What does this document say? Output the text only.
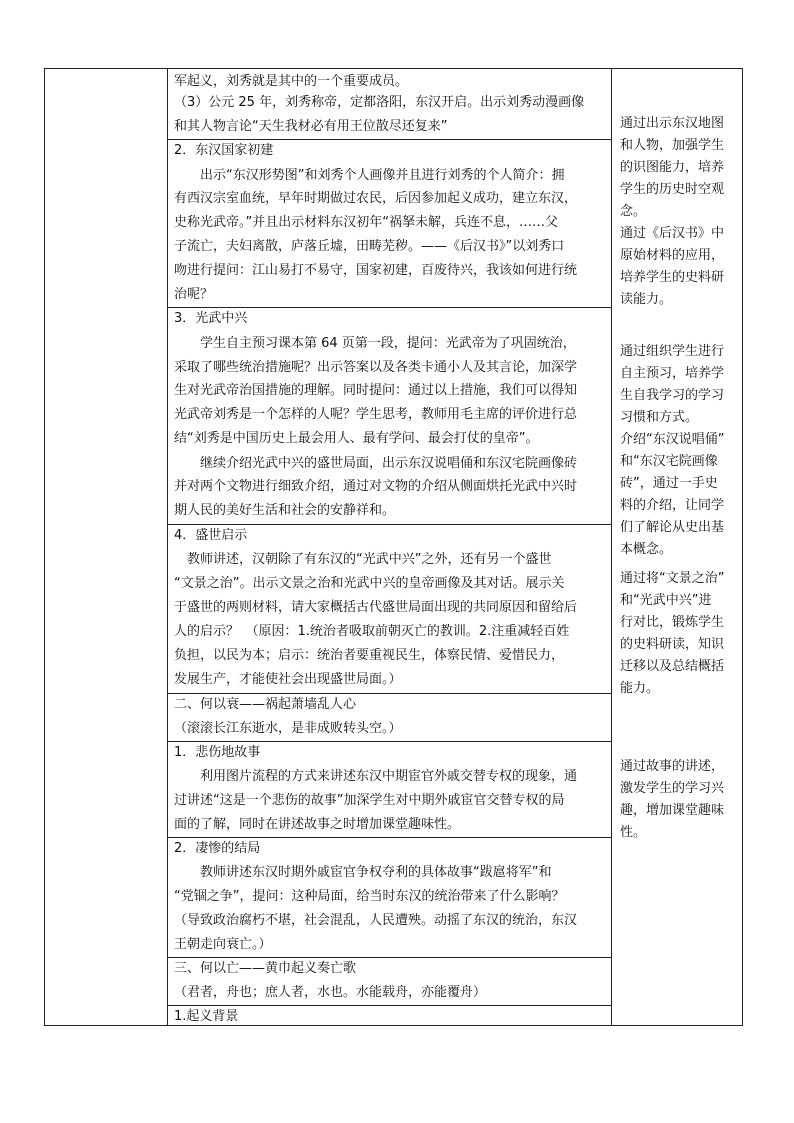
军起义，刘秀就是其中的一个重要成员。
（3）公元 25 年，刘秀称帝，定都洛阳，东汉开启。出示刘秀动漫画像
和其人物言论“天生我材必有用王位散尽还复来”
2．东汉国家初建
　　出示“东汉形势图”和刘秀个人画像并且进行刘秀的个人简介：拥
有西汉宗室血统，早年时期做过农民，后因参加起义成功，建立东汉，
史称光武帝。”并且出示材料东汉初年“祸拏未解，兵连不息，……父
子流亡，夫妇离散，庐落丘墟，田畴芜秽。——《后汉书》”以刘秀口
吻进行提问：江山易打不易守，国家初建，百废待兴，我该如何进行统
治呢？
3．光武中兴
　　学生自主预习课本第 64 页第一段，提问：光武帝为了巩固统治，
采取了哪些统治措施呢？出示答案以及各类卡通小人及其言论，加深学
生对光武帝治国措施的理解。同时提问：通过以上措施，我们可以得知
光武帝刘秀是一个怎样的人呢？学生思考，教师用毛主席的评价进行总
结“刘秀是中国历史上最会用人、最有学问、最会打仗的皇帝”。
　　继续介绍光武中兴的盛世局面，出示东汉说唱俑和东汉宅院画像砖
并对两个文物进行细致介绍，通过对文物的介绍从侧面烘托光武中兴时
期人民的美好生活和社会的安静祥和。
4．盛世启示
　教师讲述，汉朝除了有东汉的“光武中兴”之外，还有另一个盛世
“文景之治”。出示文景之治和光武中兴的皇帝画像及其对话。展示关
于盛世的两则材料，请大家概括古代盛世局面出现的共同原因和留给后
人的启示？　（原因：1.统治者吸取前朝灭亡的教训。2.注重减轻百姓
负担，以民为本；启示：统治者要重视民生，体察民情、爱惜民力，
发展生产，才能使社会出现盛世局面。）
二、何以衰——祸起萧墙乱人心
（滚滚长江东逝水，是非成败转头空。）
1．悲伤地故事
　　利用图片流程的方式来讲述东汉中期宦官外戚交替专权的现象，通
过讲述“这是一个悲伤的故事”加深学生对中期外戚宦官交替专权的局
面的了解，同时在讲述故事之时增加课堂趣味性。
2．凄惨的结局
　　教师讲述东汉时期外戚宦官争权夺利的具体故事“跋扈将军”和
“党锢之争”，提问：这种局面，给当时东汉的统治带来了什么影响？
（导致政治腐朽不堪，社会混乱，人民遭殃。动摇了东汉的统治，东汉
王朝走向衰亡。）
三、何以亡——黄巾起义奏亡歌
（君者，舟也；庶人者，水也。水能载舟，亦能覆舟）
1.起义背景
通过出示东汉地图
和人物，加强学生
的识图能力，培养
学生的历史时空观
念。
通过《后汉书》中
原始材料的应用，
培养学生的史料研
读能力。
通过组织学生进行
自主预习，培养学
生自我学习的学习
习惯和方式。
介绍“东汉说唱俑”
和“东汉宅院画像
砖”，通过一手史
料的介绍，让同学
们了解论从史出基
本概念。
通过将“文景之治”
和“光武中兴”进
行对比，锻炼学生
的史料研读，知识
迁移以及总结概括
能力。
通过故事的讲述，
激发学生的学习兴
趣，增加课堂趣味
性。
